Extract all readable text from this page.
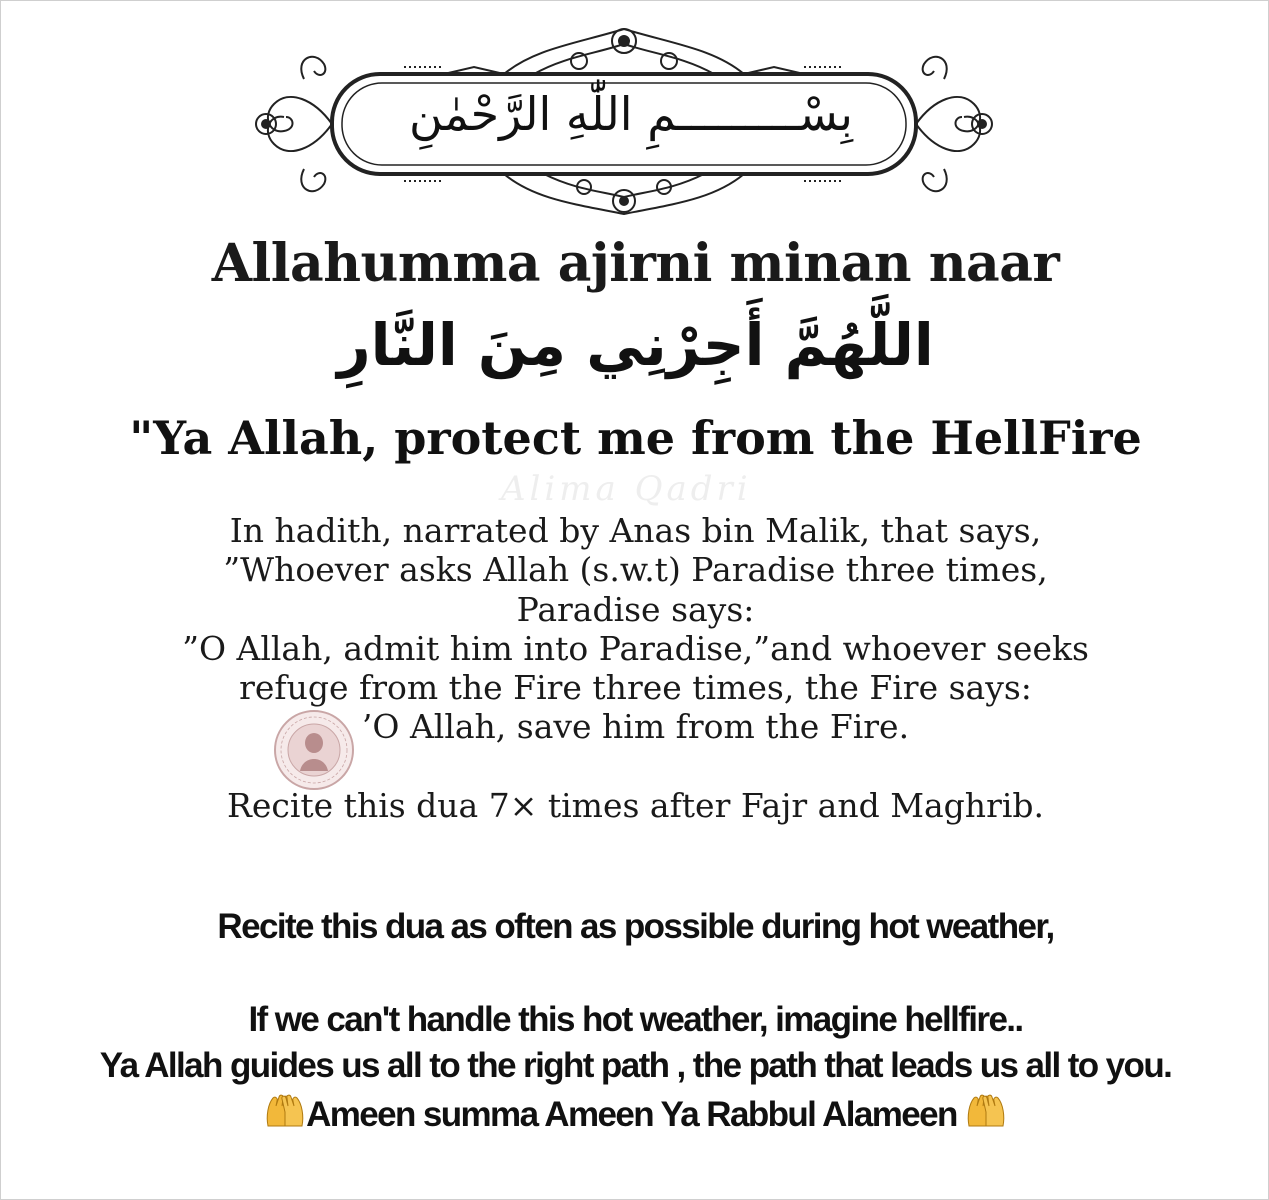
بِسْـــــــــمِ اللّٰهِ الرَّحْمٰنِ
Allahumma ajirni minan naar
اللَّهُمَّ أَجِرْنِي مِنَ النَّارِ
"Ya Allah, protect me from the HellFire
Alima Qadri
In hadith, narrated by Anas bin Malik, that says,
”Whoever asks Allah (s.w.t) Paradise three times,
Paradise says:
”O Allah, admit him into Paradise,”and whoever seeks
refuge from the Fire three times, the Fire says:
’O Allah, save him from the Fire.
Recite this dua 7× times after Fajr and Maghrib.
Recite this dua as often as possible during hot weather,
If we can't handle this hot weather, imagine hellfire..
Ya Allah guides us all to the right path , the path that leads us all to you.
Ameen summa Ameen Ya Rabbul Alameen
